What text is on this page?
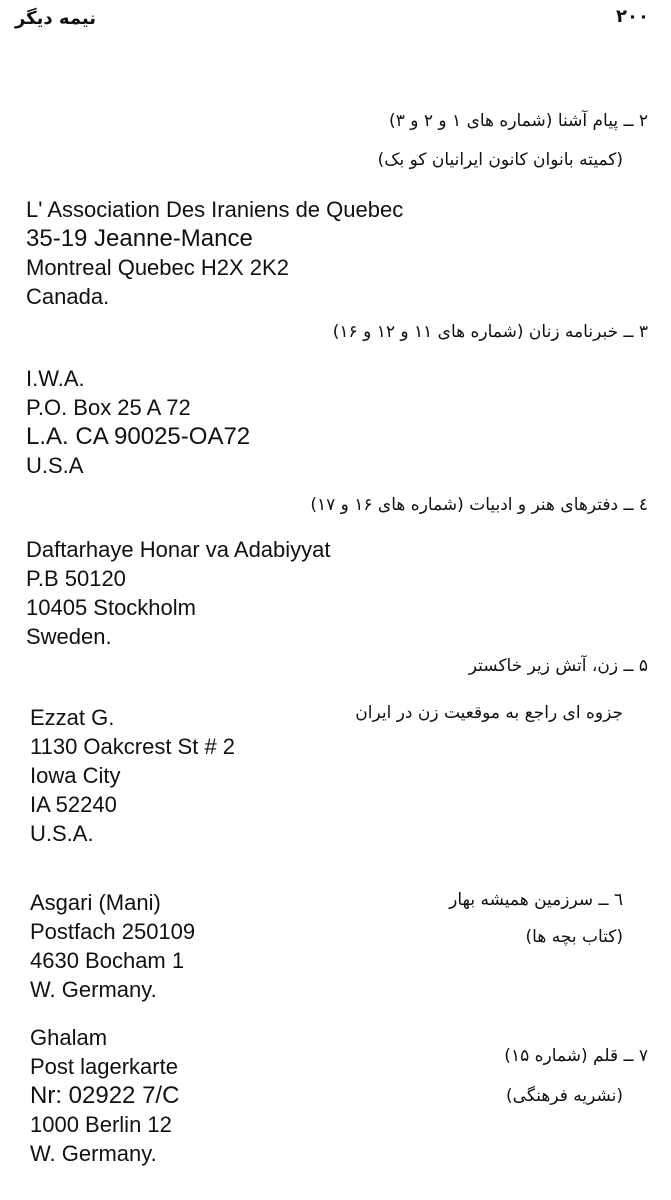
نیمه دیگر	۲۰۰
۲ ــ پیام آشنا (شماره های ۱ و ۲ و ۳)
(کمیته بانوان کانون ایرانیان کو بک)
L' Association Des Iraniens de Quebec
35-19 Jeanne-Mance
Montreal Quebec H2X 2K2
Canada.
۳ ــ خبرنامه زنان (شماره های ۱۱ و ۱۲ و ۱۶)
I.W.A.
P.O. Box 25 A 72
L.A. CA 90025-OA72
U.S.A
٤ ــ دفترهای هنر و ادبیات (شماره های ۱۶ و ۱۷)
Daftarhaye Honar va Adabiyyat
P.B 50120
10405 Stockholm
Sweden.
۵ ــ زن، آتش زیر خاکستر
جزوه ای راجع به موقعیت زن در ایران
Ezzat G.
1130 Oakcrest St # 2
Iowa City
IA 52240
U.S.A.
٦ ــ سرزمین همیشه بهار
(کتاب بچه ها)
Asgari (Mani)
Postfach 250109
4630 Bocham 1
W. Germany.
۷ ــ قلم (شماره ۱۵)
(نشریه فرهنگی)
Ghalam
Post lagerkarte
Nr: 02922 7/C
1000 Berlin 12
W. Germany.
